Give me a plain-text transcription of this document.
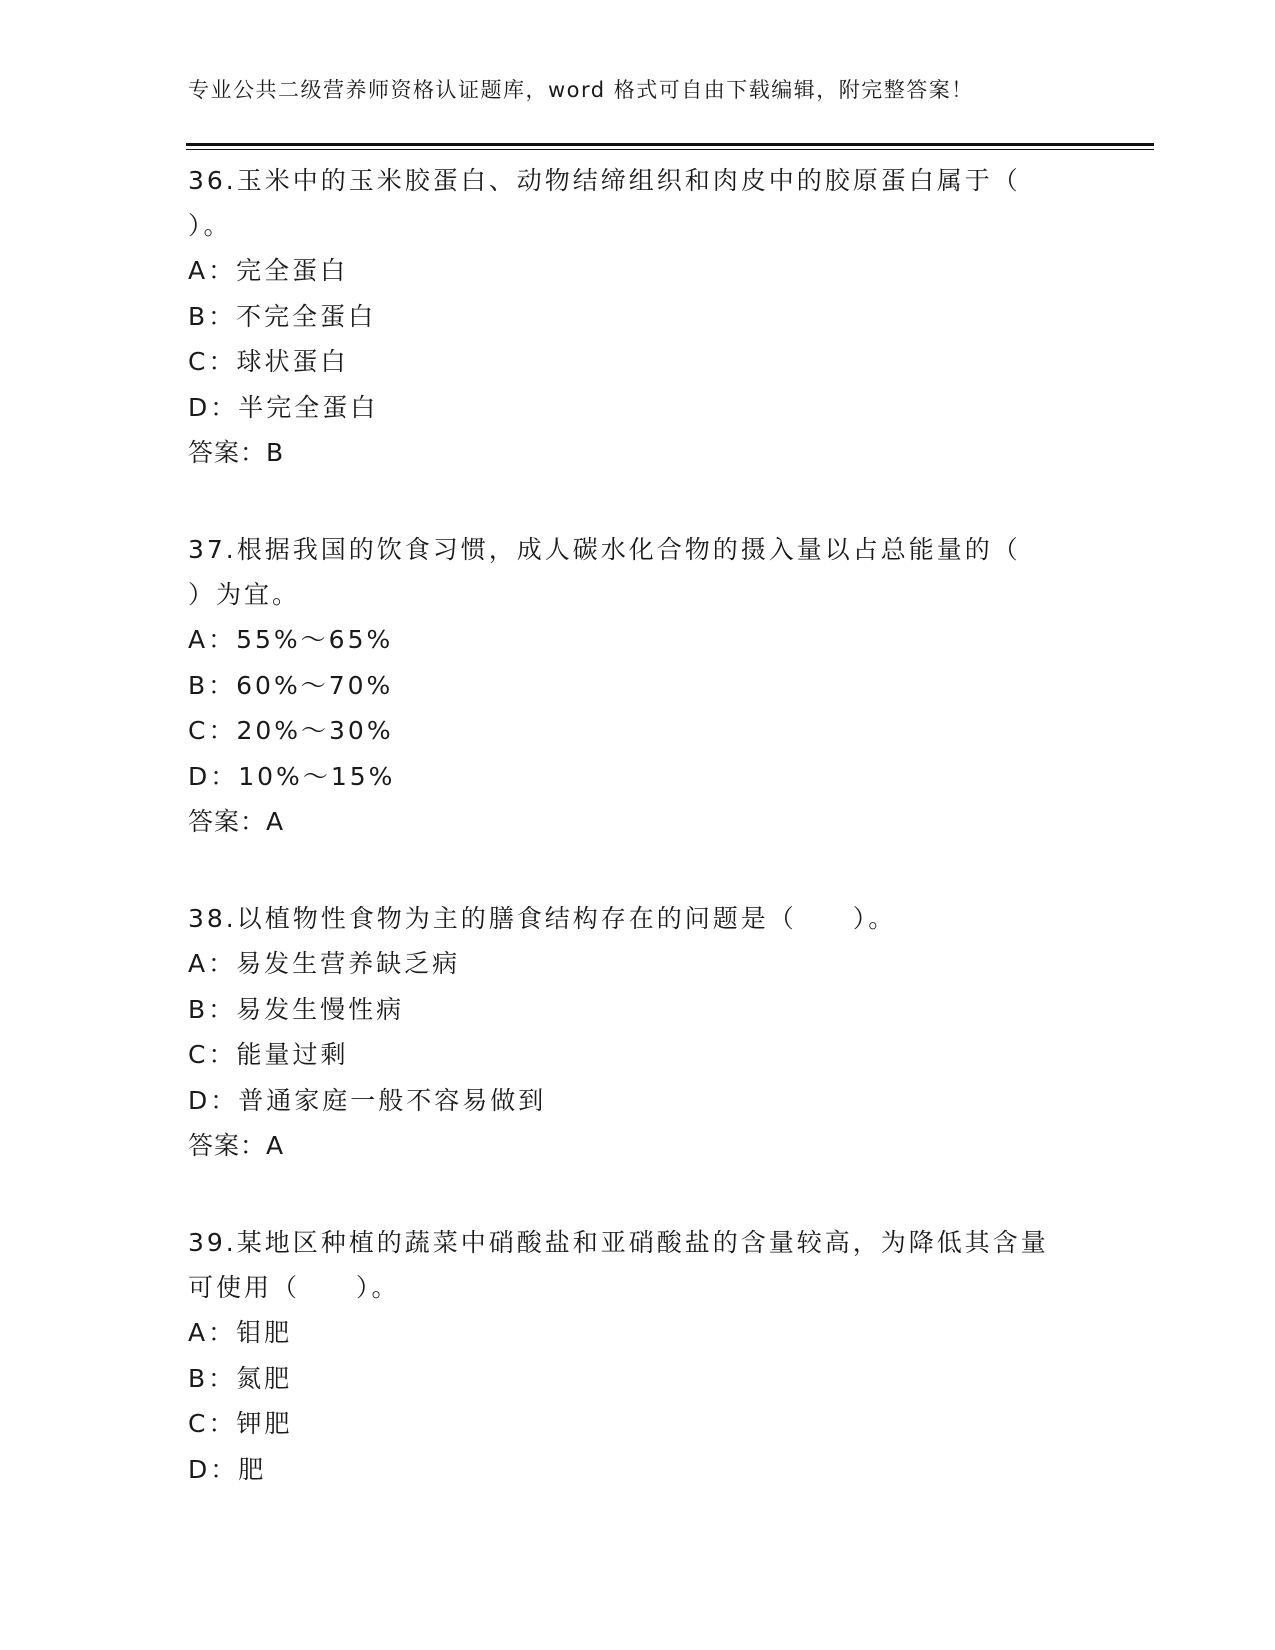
专业公共二级营养师资格认证题库，word 格式可自由下载编辑，附完整答案！
36.玉米中的玉米胶蛋白、动物结缔组织和肉皮中的胶原蛋白属于（
）。
A：完全蛋白
B：不完全蛋白
C：球状蛋白
D：半完全蛋白
答案：B
37.根据我国的饮食习惯，成人碳水化合物的摄入量以占总能量的（
）为宜。
A：55%～65%
B：60%～70%
C：20%～30%
D：10%～15%
答案：A
38.以植物性食物为主的膳食结构存在的问题是（　　）。
A：易发生营养缺乏病
B：易发生慢性病
C：能量过剩
D：普通家庭一般不容易做到
答案：A
39.某地区种植的蔬菜中硝酸盐和亚硝酸盐的含量较高，为降低其含量
可使用（　　）。
A：钼肥
B：氮肥
C：钾肥
D：肥
